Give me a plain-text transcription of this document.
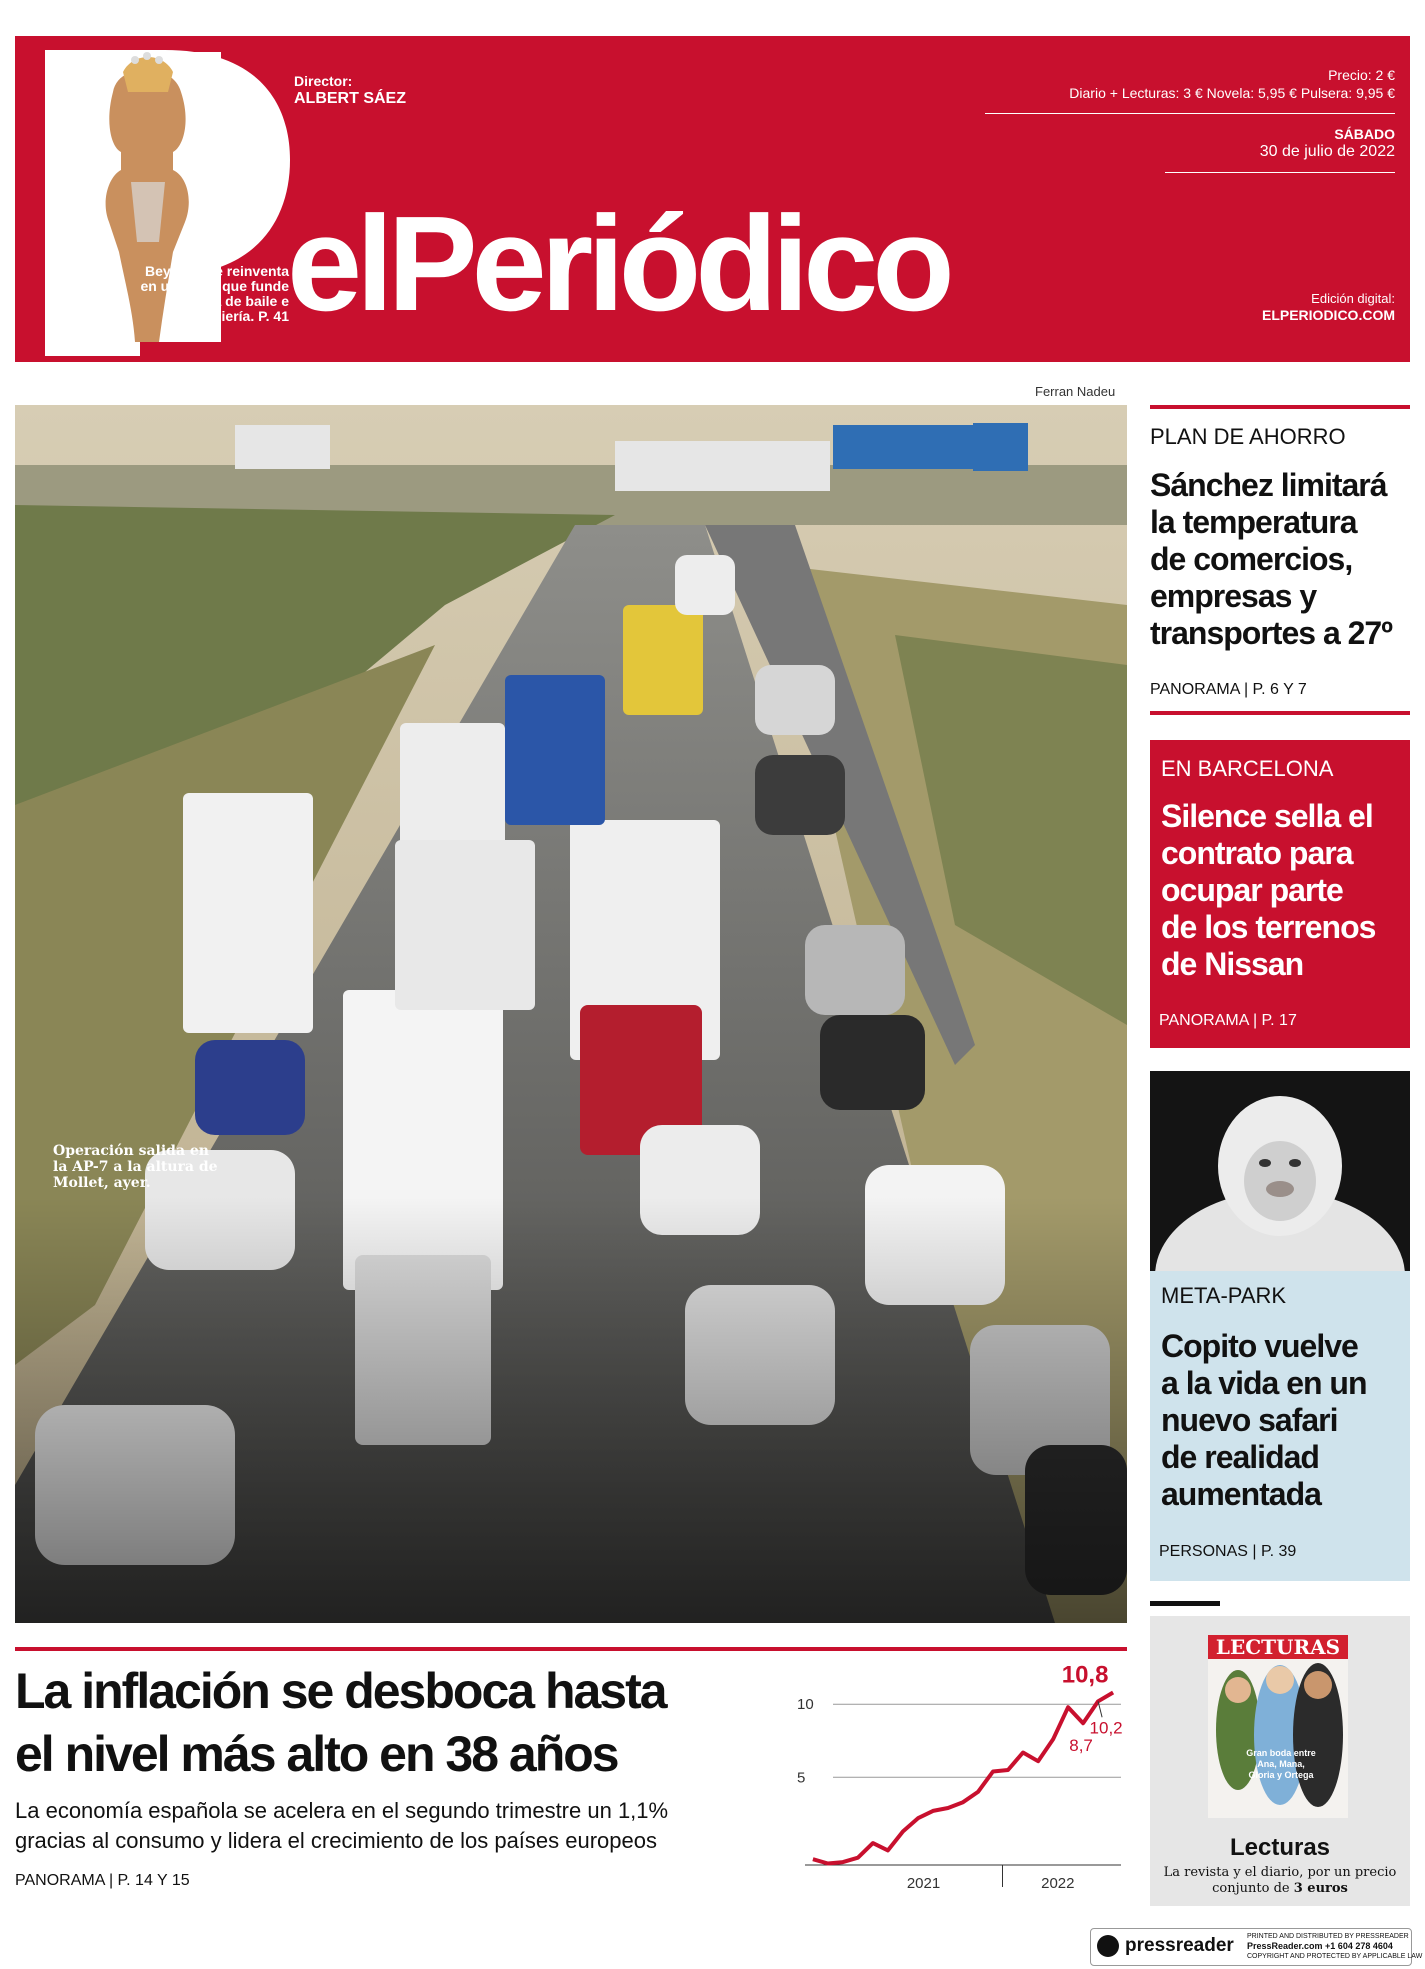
Beyoncé se reinventa en un disco que funde música de baile e ingeniería. P. 41
Director:
ALBERT SÁEZ
elPeriódico
Precio: 2 €
Diario + Lecturas: 3 € Novela: 5,95 € Pulsera: 9,95 €
SÁBADO
30 de julio de 2022
Edición digital:
ELPERIODICO.COM
Ferran Nadeu
Operación salida en la AP-7 a la altura de Mollet, ayer.

PLAN DE AHORRO
Sánchez limitará
la temperatura
de comercios,
empresas y
transportes a 27º
PANORAMA | P. 6 Y 7
EN BARCELONA
Silence sella el
contrato para
ocupar parte
de los terrenos
de Nissan
PANORAMA | P. 17
META-PARK
Copito vuelve
a la vida en un
nuevo safari
de realidad
aumentada
PERSONAS | P. 39
LECTURAS
Gran boda entre Ana, Mana, Gloria y Ortega
Lecturas
La revista y el diario, por un precio
conjunto de 3 euros
La inflación se desboca hasta
el nivel más alto en 38 años
La economía española se acelera en el segundo trimestre un 1,1%
gracias al consumo y lidera el crecimiento de los países europeos
PANORAMA | P. 14 Y 15
5
10
2021	2022
10,8
10,2
8,7
pressreader PRINTED AND DISTRIBUTED BY PRESSREADER
PressReader.com +1 604 278 4604
COPYRIGHT AND PROTECTED BY APPLICABLE LAW
